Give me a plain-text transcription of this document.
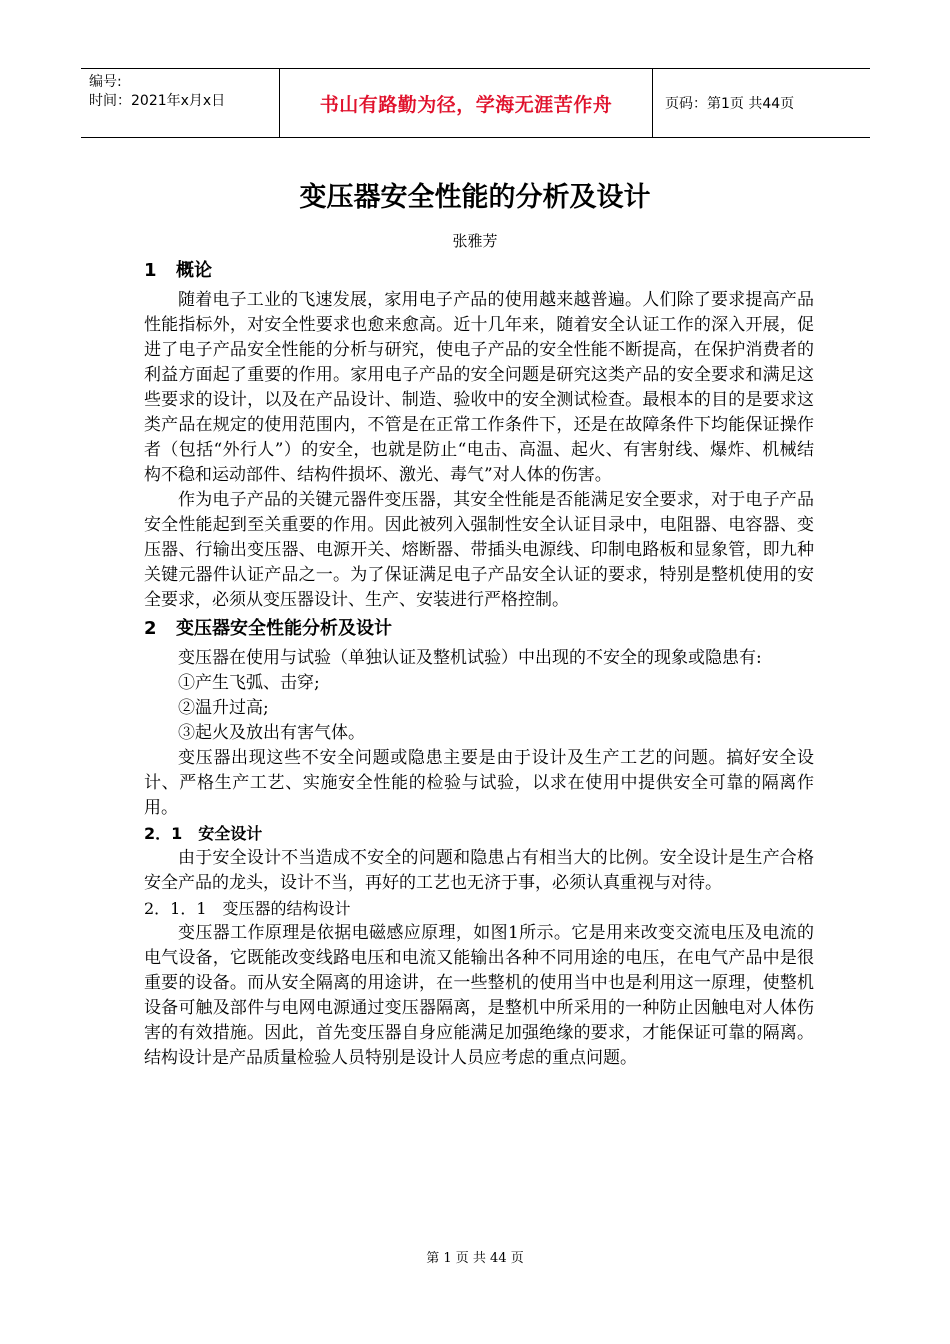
编号:
时间：2021年x月x日	书山有路勤为径，学海无涯苦作舟	页码：第1页 共44页
变压器安全性能的分析及设计
张雅芳
1 概论

随着电子工业的飞速发展，家用电子产品的使用越来越普遍。人们除了要求提高产品性能指标外，对安全性要求也愈来愈高。近十几年来，随着安全认证工作的深入开展，促进了电子产品安全性能的分析与研究，使电子产品的安全性能不断提高，在保护消费者的利益方面起了重要的作用。家用电子产品的安全问题是研究这类产品的安全要求和满足这些要求的设计，以及在产品设计、制造、验收中的安全测试检查。最根本的目的是要求这类产品在规定的使用范围内，不管是在正常工作条件下，还是在故障条件下均能保证操作者（包括“外行人”）的安全，也就是防止“电击、高温、起火、有害射线、爆炸、机械结构不稳和运动部件、结构件损坏、激光、毒气”对人体的伤害。

作为电子产品的关键元器件变压器，其安全性能是否能满足安全要求，对于电子产品安全性能起到至关重要的作用。因此被列入强制性安全认证目录中，电阻器、电容器、变压器、行输出变压器、电源开关、熔断器、带插头电源线、印制电路板和显象管，即九种关键元器件认证产品之一。为了保证满足电子产品安全认证的要求，特别是整机使用的安全要求，必须从变压器设计、生产、安装进行严格控制。

2 变压器安全性能分析及设计

变压器在使用与试验（单独认证及整机试验）中出现的不安全的现象或隐患有:

①产生飞弧、击穿;

②温升过高;

③起火及放出有害气体。

变压器出现这些不安全问题或隐患主要是由于设计及生产工艺的问题。搞好安全设计、严格生产工艺、实施安全性能的检验与试验，以求在使用中提供安全可靠的隔离作用。

2．1　安全设计

由于安全设计不当造成不安全的问题和隐患占有相当大的比例。安全设计是生产合格安全产品的龙头，设计不当，再好的工艺也无济于事，必须认真重视与对待。

2．1．1　变压器的结构设计

变压器工作原理是依据电磁感应原理，如图1所示。它是用来改变交流电压及电流的电气设备，它既能改变线路电压和电流又能输出各种不同用途的电压，在电气产品中是很重要的设备。而从安全隔离的用途讲，在一些整机的使用当中也是利用这一原理，使整机设备可触及部件与电网电源通过变压器隔离，是整机中所采用的一种防止因触电对人体伤害的有效措施。因此，首先变压器自身应能满足加强绝缘的要求，才能保证可靠的隔离。结构设计是产品质量检验人员特别是设计人员应考虑的重点问题。

第 1 页 共 44 页
